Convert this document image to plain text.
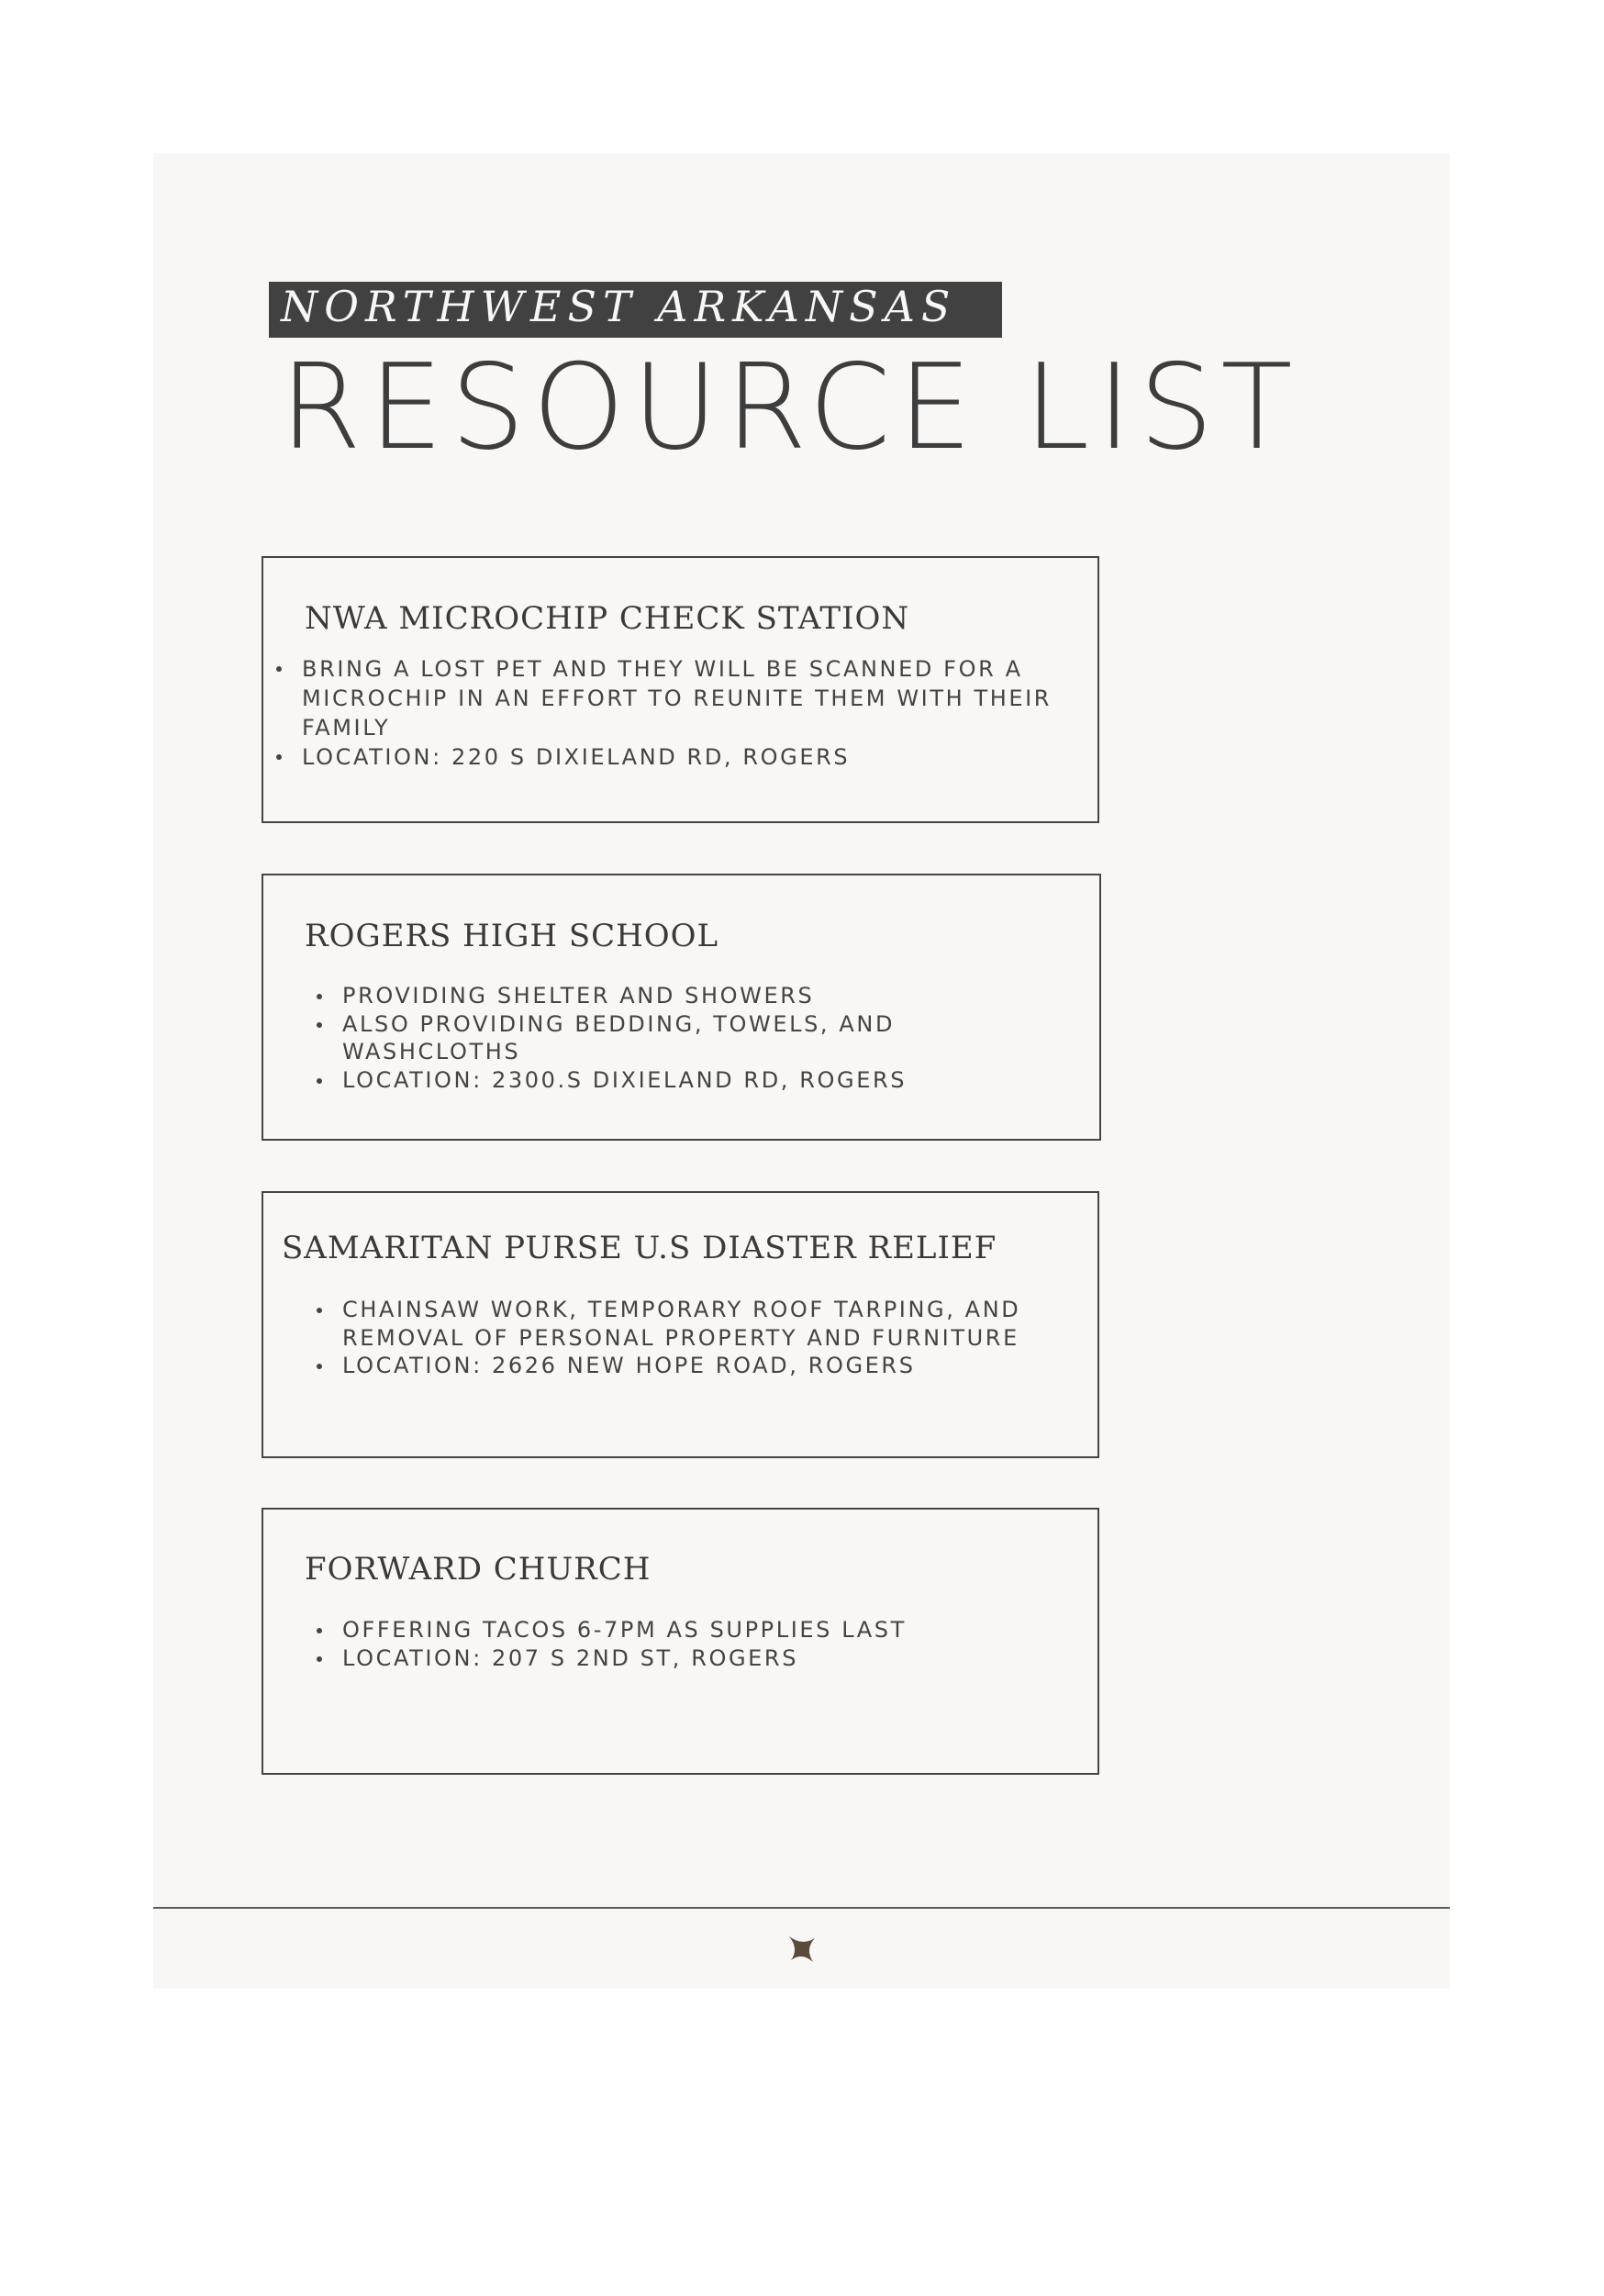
NORTHWEST ARKANSAS
RESOURCE LIST
NWA MICROCHIP CHECK STATION
BRING A LOST PET AND THEY WILL BE SCANNED FOR A MICROCHIP IN AN EFFORT TO REUNITE THEM WITH THEIR FAMILY
LOCATION: 220 S DIXIELAND RD, ROGERS
ROGERS HIGH SCHOOL
PROVIDING SHELTER AND SHOWERS
ALSO PROVIDING BEDDING, TOWELS, AND WASHCLOTHS
LOCATION: 2300.S DIXIELAND RD, ROGERS
SAMARITAN PURSE U.S DIASTER RELIEF
CHAINSAW WORK, TEMPORARY ROOF TARPING, AND REMOVAL OF PERSONAL PROPERTY AND FURNITURE
LOCATION: 2626 NEW HOPE ROAD, ROGERS
FORWARD CHURCH
OFFERING TACOS 6-7PM AS SUPPLIES LAST
LOCATION: 207 S 2ND ST, ROGERS
